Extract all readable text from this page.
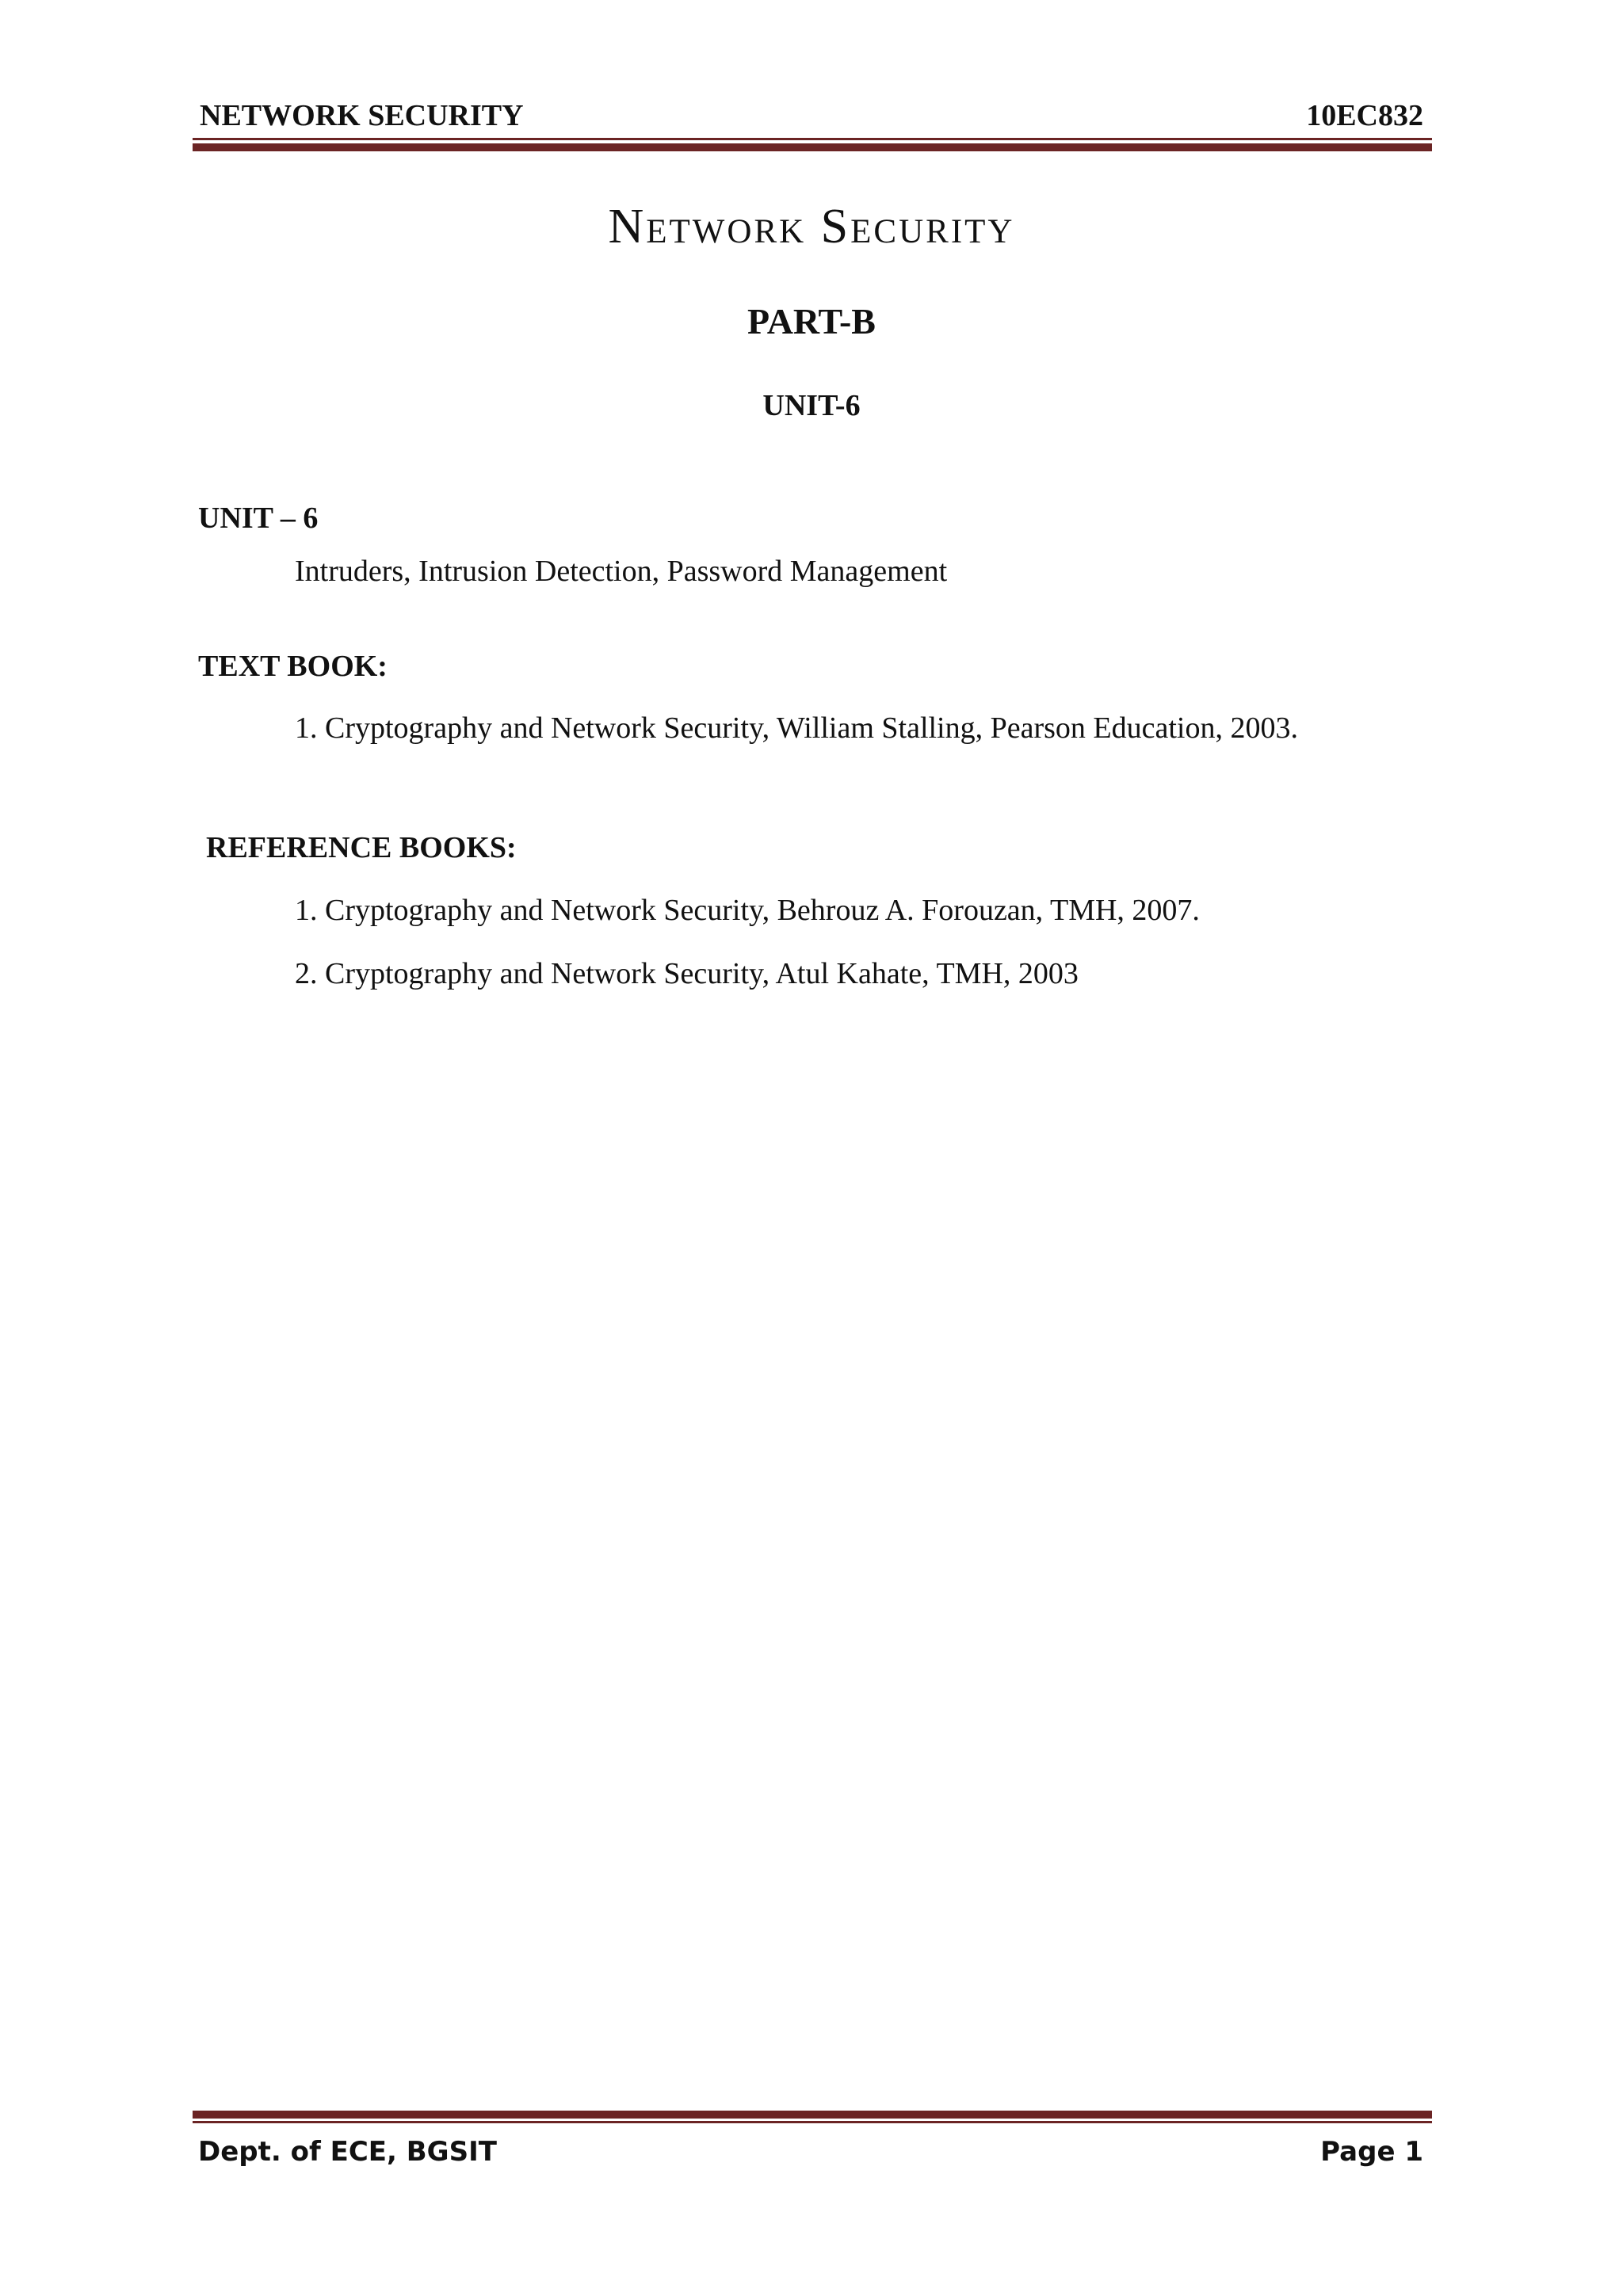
NETWORK SECURITY	10EC832
Network Security
PART-B
UNIT-6
UNIT – 6
Intruders, Intrusion Detection, Password Management
TEXT BOOK:
1. Cryptography and Network Security, William Stalling, Pearson Education, 2003.
REFERENCE BOOKS:
1. Cryptography and Network Security, Behrouz A. Forouzan, TMH, 2007.
2. Cryptography and Network Security, Atul Kahate, TMH, 2003
Dept. of ECE, BGSIT	Page 1
